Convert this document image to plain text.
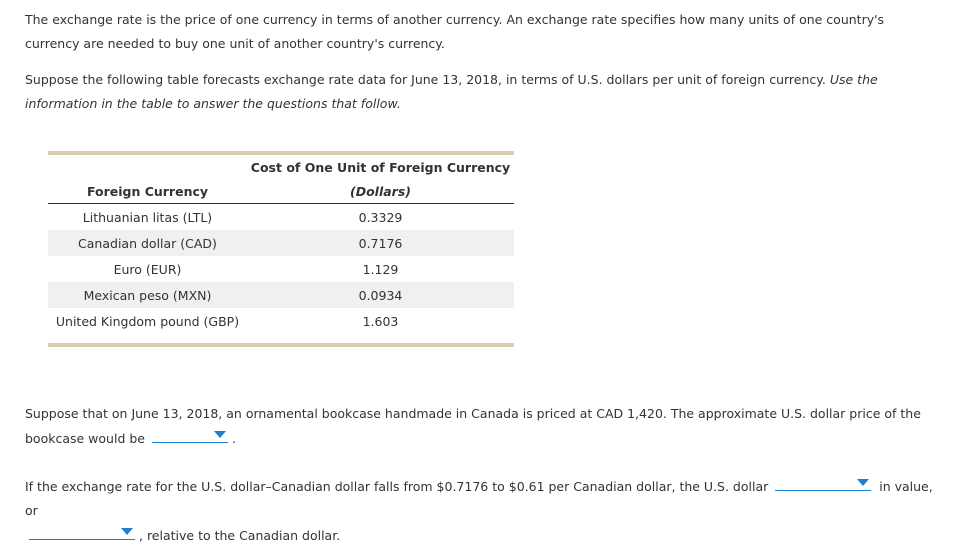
The exchange rate is the price of one currency in terms of another currency. An exchange rate specifies how many units of one country's currency are needed to buy one unit of another country's currency.
Suppose the following table forecasts exchange rate data for June 13, 2018, in terms of U.S. dollars per unit of foreign currency. Use the information in the table to answer the questions that follow.
	Cost of One Unit of Foreign Currency
Foreign Currency	(Dollars)
Lithuanian litas (LTL)	0.3329
Canadian dollar (CAD)	0.7176
Euro (EUR)	1.129
Mexican peso (MXN)	0.0934
United Kingdom pound (GBP)	1.603

Suppose that on June 13, 2018, an ornamental bookcase handmade in Canada is priced at CAD 1,420. The approximate U.S. dollar price of the bookcase would be	.
If the exchange rate for the U.S. dollar–Canadian dollar falls from $0.7176 to $0.61 per Canadian dollar, the U.S. dollar	in value, or

, relative to the Canadian dollar.
